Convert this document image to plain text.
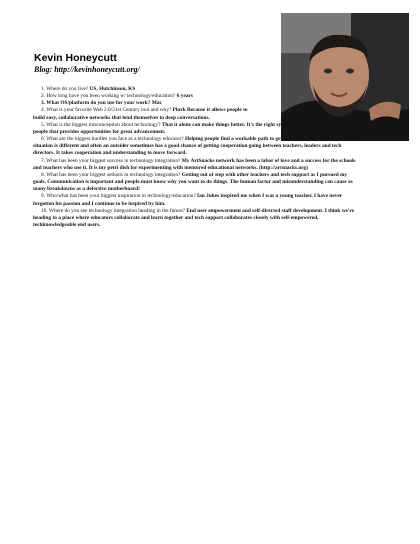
Kevin Honeycutt
Blog: http://kevinhoneycutt.org/

1. Where do you live? US, Hutchinson, KS

2. How long have you been working w/ technology/education? 6 years

3. What OS/platform do you use for your work? Mac

4. What is your favorite Web 2.0/21st Century tool and why? Plurk Because it allows people to build easy, collaborative networks that lend themselves to deep conversations.

5. What is the biggest misconception about technology? That it alone can make things better. It's the right symbiosis between technology and people that provides opportunities for great advancement.

6. What are the biggest hurdles you face as a technology educator? Helping people find a workable path to getting where they want to go. Every situation is different and often an outsider sometimes has a good chance of getting cooperation going between teachers, leaders and tech directors. It takes cooperation and understanding to move forward.

7. What has been your biggest success in technology integration? My ArtSnacks network has been a labor of love and a success for the schools and teachers who use it. It is my petri dish for experimenting with mentored educational networks. (http://artsnacks.org)

8. What has been your biggest setback in technology integration? Getting out of step with other teachers and tech support as I pursued my goals. Communication is important and people must know why you want to do things. The human factor and misunderstanding can cause as many breakdowns as a defective motherboard!

9. Who/what has been your biggest inspiration in technology/education? Ian Jukes inspired me when I was a young teacher. I have never forgotten his passion and I continue to be inspired by him.

10. Where do you see technology integration heading in the future? End user empowerment and self-directed staff development. I think we're heading to a place where educators collaborate and learn together and tech support collaborates closely with self-empowered, techknowledgeable end users.
